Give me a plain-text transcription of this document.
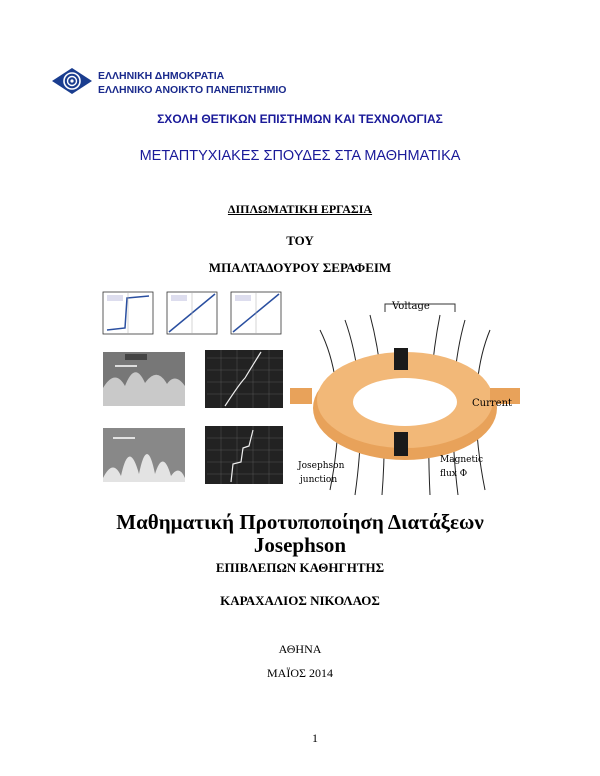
ΕΛΛΗΝΙΚΗ ΔΗΜΟΚΡΑΤΙΑ
ΕΛΛΗΝΙΚΟ ΑΝΟΙΚΤΟ ΠΑΝΕΠΙΣΤΗΜΙΟ
ΣΧΟΛΗ ΘΕΤΙΚΩΝ ΕΠΙΣΤΗΜΩΝ ΚΑΙ ΤΕΧΝΟΛΟΓΙΑΣ
ΜΕΤΑΠΤΥΧΙΑΚΕΣ ΣΠΟΥΔΕΣ ΣΤΑ ΜΑΘΗΜΑΤΙΚΑ
ΔΙΠΛΩΜΑΤΙΚΗ ΕΡΓΑΣΙΑ
ΤΟΥ
ΜΠΑΛΤΑΔΟΥΡΟΥ ΣΕΡΑΦΕΙΜ
Voltage
Current
Josephson
junction
Magnetic
flux Φ
Μαθηματική Προτυποποίηση Διατάξεων
Josephson
ΕΠΙΒΛΕΠΩΝ ΚΑΘΗΓΗΤΗΣ
ΚΑΡΑΧΑΛΙΟΣ ΝΙΚΟΛΑΟΣ
ΑΘΗΝΑ
ΜΑΪΟΣ 2014
1
